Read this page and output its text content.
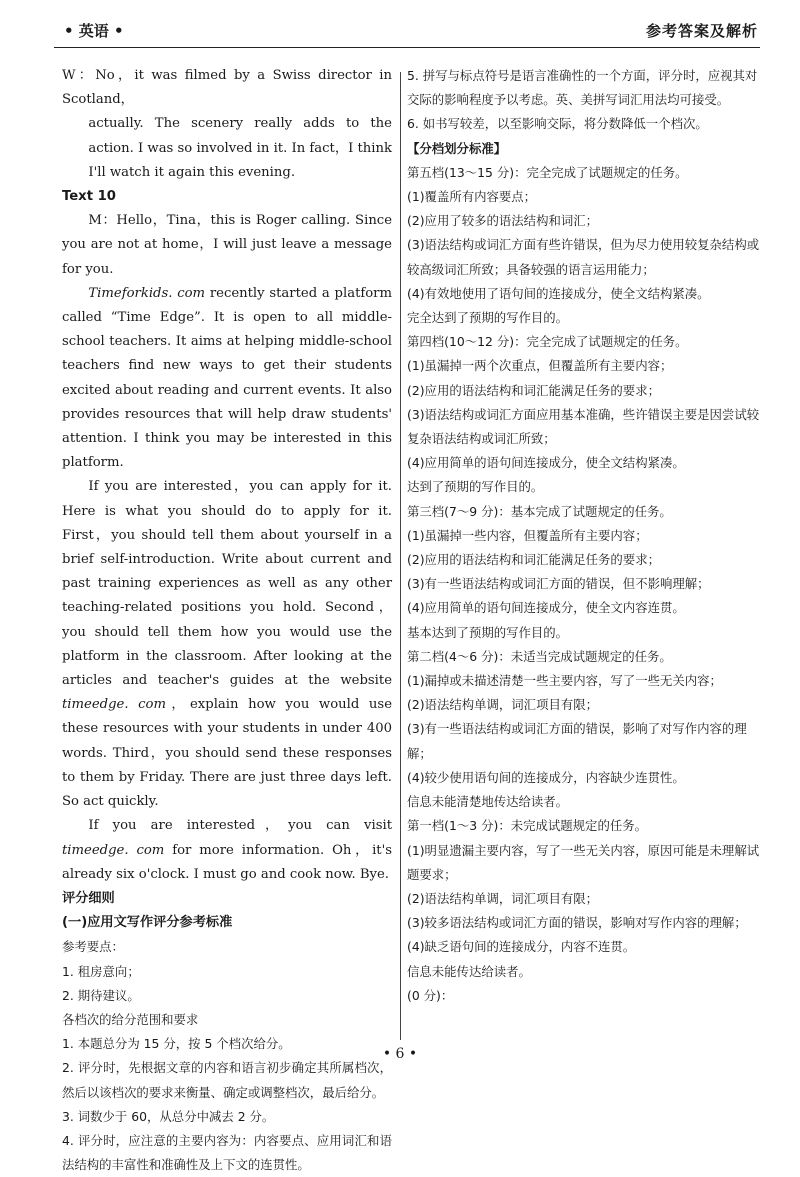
• 英语 •	参考答案及解析

W：No，it was filmed by a Swiss director in Scotland，

actually. The scenery really adds to the action. I was so involved in it. In fact，I think I'll watch it again this evening.

Text 10

M：Hello，Tina，this is Roger calling. Since you are not at home，I will just leave a message for you.

Timeforkids. com recently started a platform called “Time Edge”. It is open to all middle-school teachers. It aims at helping middle-school teachers find new ways to get their students excited about reading and current events. It also provides resources that will help draw students' attention. I think you may be interested in this platform.

If you are interested，you can apply for it. Here is what you should do to apply for it. First，you should tell them about yourself in a brief self-introduction. Write about current and past training experiences as well as any other teaching-related positions you hold. Second，you should tell them how you would use the platform in the classroom. After looking at the articles and teacher's guides at the website timeedge. com，explain how you would use these resources with your students in under 400 words. Third，you should send these responses to them by Friday. There are just three days left. So act quickly.

If you are interested，you can visit timeedge. com for more information. Oh，it's already six o'clock. I must go and cook now. Bye.

评分细则

(一)应用文写作评分参考标准

参考要点：

1. 租房意向；

2. 期待建议。

各档次的给分范围和要求

1. 本题总分为 15 分，按 5 个档次给分。

2. 评分时，先根据文章的内容和语言初步确定其所属档次，然后以该档次的要求来衡量、确定或调整档次，最后给分。

3. 词数少于 60，从总分中减去 2 分。

4. 评分时，应注意的主要内容为：内容要点、应用词汇和语法结构的丰富性和准确性及上下文的连贯性。

5. 拼写与标点符号是语言准确性的一个方面，评分时，应视其对交际的影响程度予以考虑。英、美拼写词汇用法均可接受。

6. 如书写较差，以至影响交际，将分数降低一个档次。

【分档划分标准】

第五档(13～15 分)：完全完成了试题规定的任务。

(1)覆盖所有内容要点；

(2)应用了较多的语法结构和词汇；

(3)语法结构或词汇方面有些许错误，但为尽力使用较复杂结构或较高级词汇所致；具备较强的语言运用能力；

(4)有效地使用了语句间的连接成分，使全文结构紧凑。

完全达到了预期的写作目的。

第四档(10～12 分)：完全完成了试题规定的任务。

(1)虽漏掉一两个次重点，但覆盖所有主要内容；

(2)应用的语法结构和词汇能满足任务的要求；

(3)语法结构或词汇方面应用基本准确，些许错误主要是因尝试较复杂语法结构或词汇所致；

(4)应用简单的语句间连接成分，使全文结构紧凑。

达到了预期的写作目的。

第三档(7～9 分)：基本完成了试题规定的任务。

(1)虽漏掉一些内容，但覆盖所有主要内容；

(2)应用的语法结构和词汇能满足任务的要求；

(3)有一些语法结构或词汇方面的错误，但不影响理解；

(4)应用简单的语句间连接成分，使全文内容连贯。

基本达到了预期的写作目的。

第二档(4～6 分)：未适当完成试题规定的任务。

(1)漏掉或未描述清楚一些主要内容，写了一些无关内容；

(2)语法结构单调，词汇项目有限；

(3)有一些语法结构或词汇方面的错误，影响了对写作内容的理解；

(4)较少使用语句间的连接成分，内容缺少连贯性。

信息未能清楚地传达给读者。

第一档(1～3 分)：未完成试题规定的任务。

(1)明显遗漏主要内容，写了一些无关内容，原因可能是未理解试题要求；

(2)语法结构单调，词汇项目有限；

(3)较多语法结构或词汇方面的错误，影响对写作内容的理解；

(4)缺乏语句间的连接成分，内容不连贯。

信息未能传达给读者。

(0 分)：

• 6 •
